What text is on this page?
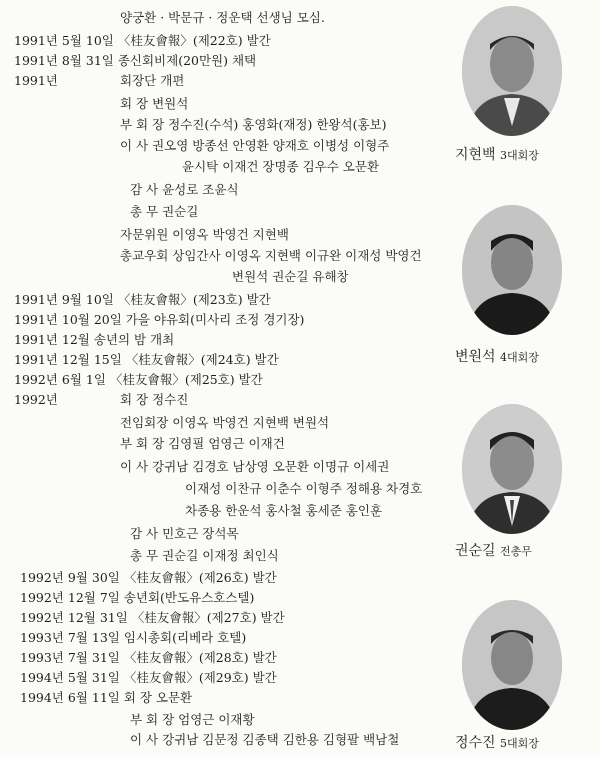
양궁환 · 박문규 · 정운택 선생님 모심.
1991년 5월 10일 〈桂友會報〉(제22호) 발간
1991년 8월 31일 종신회비제(20만원) 채택
1991년	회장단 개편
회 장 변원석
부 회 장 정수진(수석) 홍영화(재정) 한왕석(홍보)
이 사 권오영 방종선 안영환 양재호 이병성 이형주
윤시탁 이재건 장명종 김우수 오문환
감 사 윤성로 조윤식
총 무 권순길
자문위원 이영옥 박영건 지현백
총교우회 상임간사 이영옥 지현백 이규완 이재성 박영건
변원석 권순길 유해창
1991년 9월 10일 〈桂友會報〉(제23호) 발간
1991년 10월 20일 가을 야유회(미사리 조정 경기장)
1991년 12월 송년의 밤 개최
1991년 12월 15일 〈桂友會報〉(제24호) 발간
1992년 6월 1일 〈桂友會報〉(제25호) 발간
1992년	회 장 정수진
전임회장 이영옥 박영건 지현백 변원석
부 회 장 김영필 엄영근 이재건
이 사 강귀남 김경호 남상영 오문환 이명규 이세권
이재성 이찬규 이춘수 이형주 정해용 차경호
차종용 한운석 홍사철 홍세준 홍인훈
감 사 민호근 장석목
총 무 권순길 이재정 최인식
1992년 9월 30일 〈桂友會報〉(제26호) 발간
1992년 12월 7일 송년회(반도유스호스텔)
1992년 12월 31일 〈桂友會報〉(제27호) 발간
1993년 7월 13일 임시총회(리베라 호텔)
1993년 7월 31일 〈桂友會報〉(제28호) 발간
1994년 5월 31일 〈桂友會報〉(제29호) 발간
1994년 6월 11일 회 장 오문환
부 회 장 엄영근 이재황
이 사 강귀남 김문정 김종택 김한용 김형팔 백남철
지현백 3대회장
변원석 4대회장
권순길 전총무
정수진 5대회장
